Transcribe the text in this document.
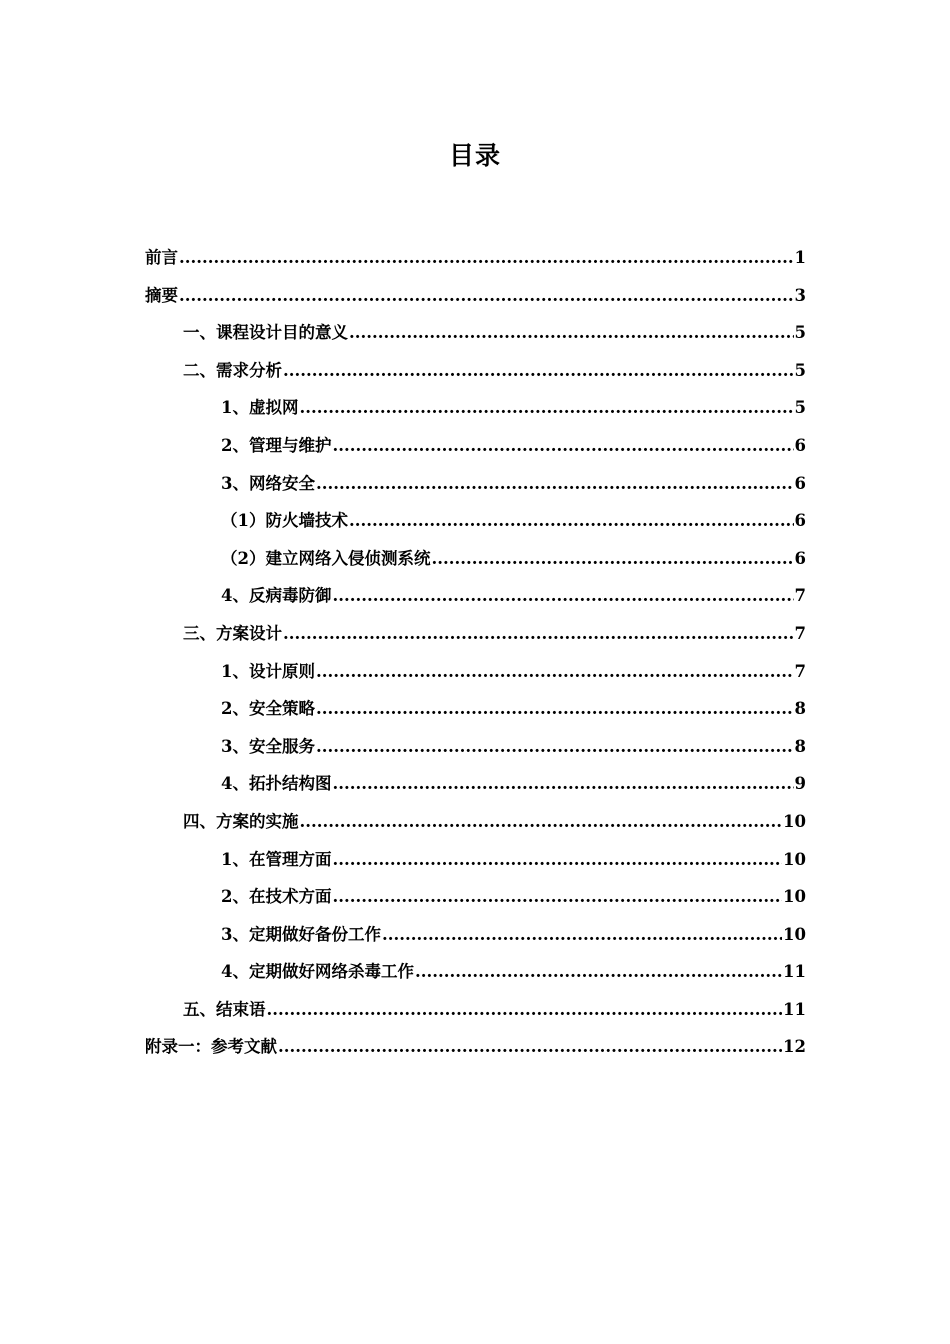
目录
前言 .....	1
摘要 .....	3
一、课程设计目的意义 .....	5
二、需求分析 .....	5
1、虚拟网 .....	5
2、管理与维护 .....	6
3、网络安全 .....	6
（1）防火墙技术 .....	6
（2）建立网络入侵侦测系统 .....	6
4、反病毒防御 .....	7
三、方案设计 .....	7
1、设计原则 .....	7
2、安全策略 .....	8
3、安全服务 .....	8
4、拓扑结构图 .....	9
四、方案的实施 .....	10
1、在管理方面 .....	10
2、在技术方面 .....	10
3、定期做好备份工作 .....	10
4、定期做好网络杀毒工作 .....	11
五、结束语 .....	11
附录一：参考文献 .....	12
